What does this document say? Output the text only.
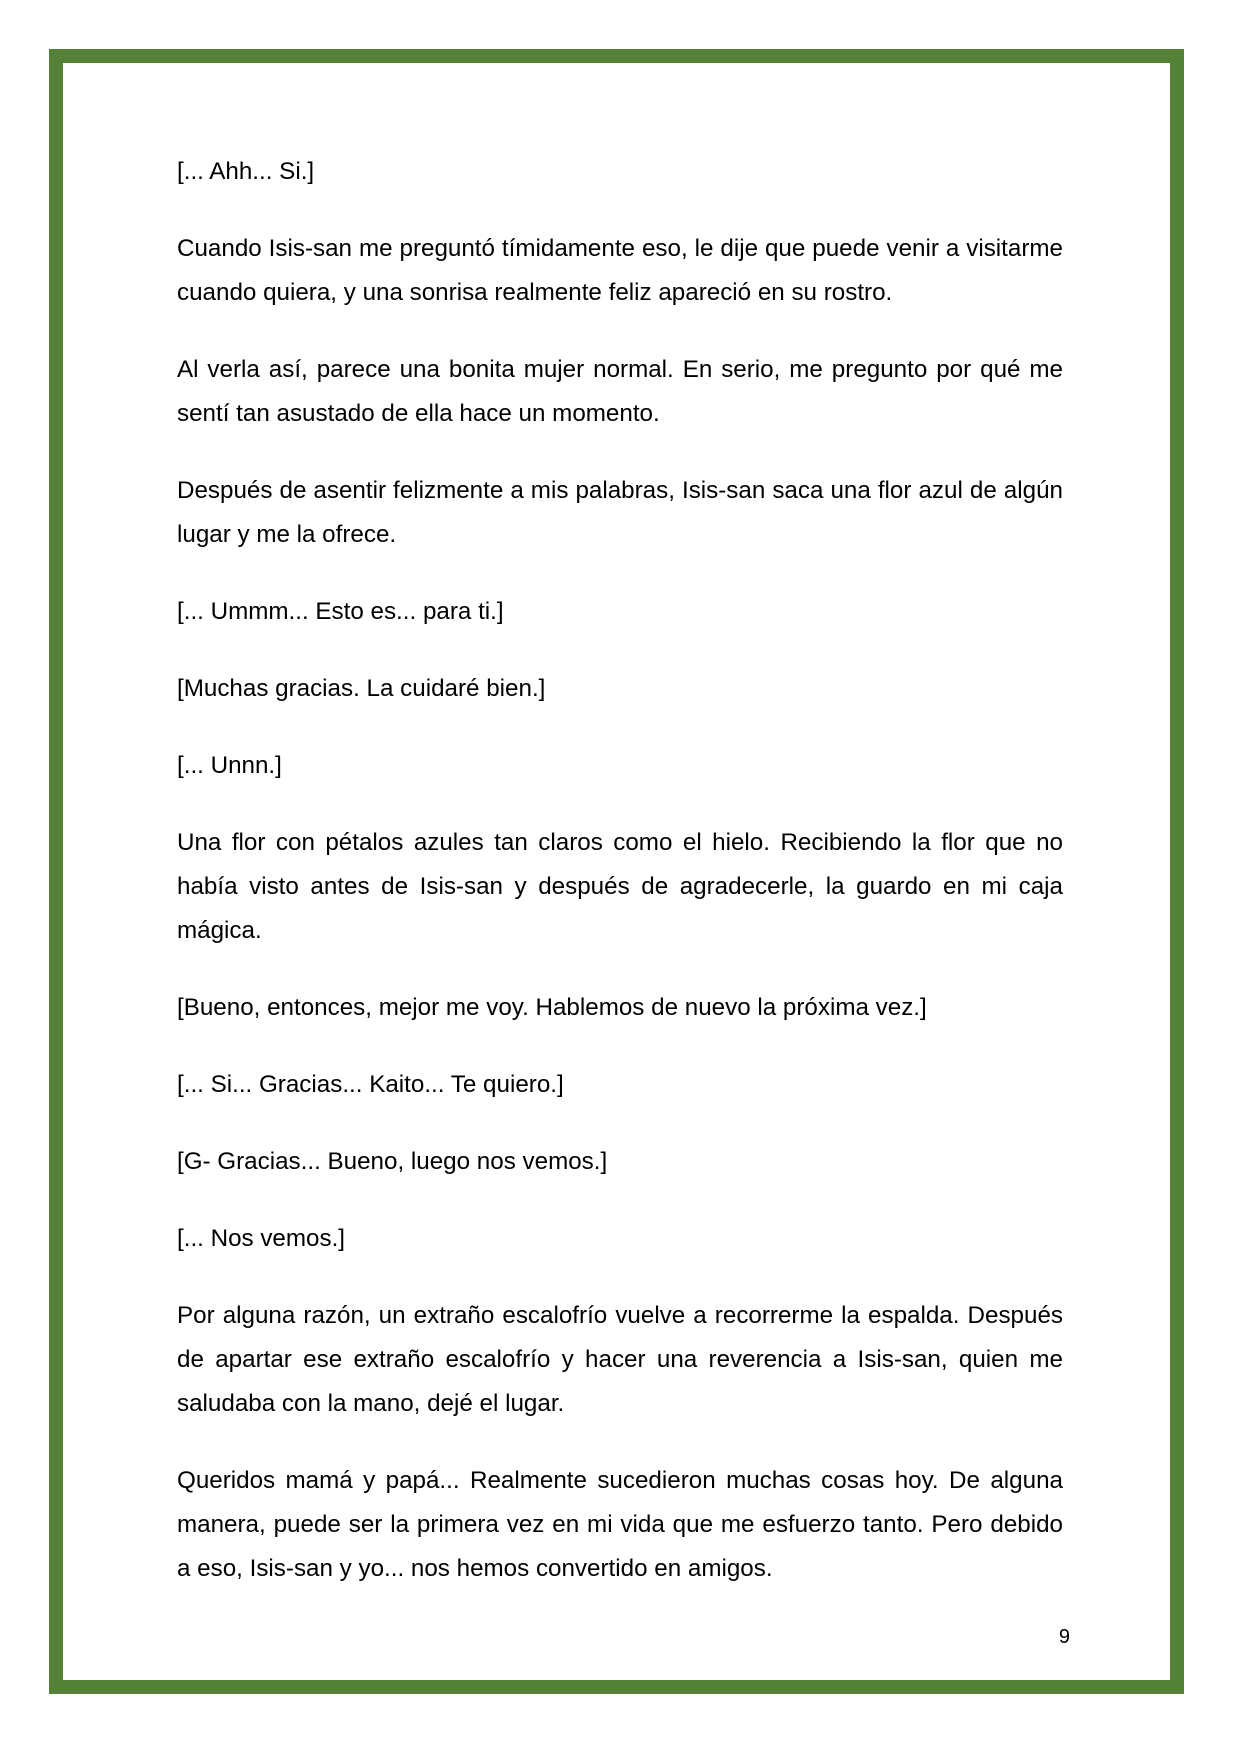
[... Ahh... Si.]

Cuando Isis-san me preguntó tímidamente eso, le dije que puede venir a visitarme cuando quiera, y una sonrisa realmente feliz apareció en su rostro.

Al verla así, parece una bonita mujer normal. En serio, me pregunto por qué me sentí tan asustado de ella hace un momento.

Después de asentir felizmente a mis palabras, Isis-san saca una flor azul de algún lugar y me la ofrece.

[... Ummm... Esto es... para ti.]

[Muchas gracias. La cuidaré bien.]

[... Unnn.]

Una flor con pétalos azules tan claros como el hielo. Recibiendo la flor que no había visto antes de Isis-san y después de agradecerle, la guardo en mi caja mágica.

[Bueno, entonces, mejor me voy. Hablemos de nuevo la próxima vez.]

[... Si... Gracias... Kaito... Te quiero.]

[G- Gracias... Bueno, luego nos vemos.]

[... Nos vemos.]

Por alguna razón, un extraño escalofrío vuelve a recorrerme la espalda. Después de apartar ese extraño escalofrío y hacer una reverencia a Isis-san, quien me saludaba con la mano, dejé el lugar.

Queridos mamá y papá... Realmente sucedieron muchas cosas hoy. De alguna manera, puede ser la primera vez en mi vida que me esfuerzo tanto. Pero debido a eso, Isis-san y yo... nos hemos convertido en amigos.

9
